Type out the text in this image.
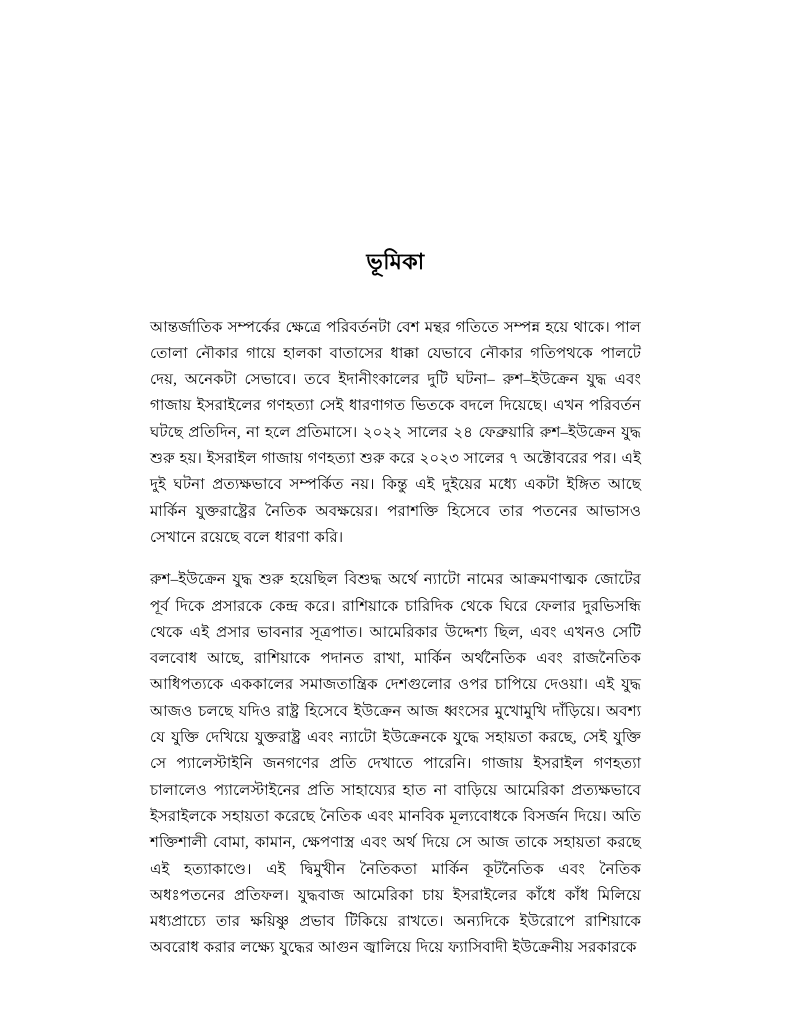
ভূমিকা

আন্তর্জাতিক সম্পর্কের ক্ষেত্রে পরিবর্তনটা বেশ মন্থর গতিতে সম্পন্ন হয়ে থাকে। পাল তোলা নৌকার গায়ে হালকা বাতাসের ধাক্কা যেভাবে নৌকার গতিপথকে পালটে দেয়, অনেকটা সেভাবে। তবে ইদানীংকালের দুটি ঘটনা– রুশ–ইউক্রেন যুদ্ধ এবং গাজায় ইসরাইলের গণহত্যা সেই ধারণাগত ভিতকে বদলে দিয়েছে। এখন পরিবর্তন ঘটছে প্রতিদিন, না হলে প্রতিমাসে। ২০২২ সালের ২৪ ফেব্রুয়ারি রুশ–ইউক্রেন যুদ্ধ শুরু হয়। ইসরাইল গাজায় গণহত্যা শুরু করে ২০২৩ সালের ৭ অক্টোবরের পর। এই দুই ঘটনা প্রত্যক্ষভাবে সম্পর্কিত নয়। কিন্তু এই দুইয়ের মধ্যে একটা ইঙ্গিত আছে মার্কিন যুক্তরাষ্ট্রের নৈতিক অবক্ষয়ের। পরাশক্তি হিসেবে তার পতনের আভাসও সেখানে রয়েছে বলে ধারণা করি।

রুশ–ইউক্রেন যুদ্ধ শুরু হয়েছিল বিশুদ্ধ অর্থে ন্যাটো নামের আক্রমণাত্মক জোটের পূর্ব দিকে প্রসারকে কেন্দ্র করে। রাশিয়াকে চারিদিক থেকে ঘিরে ফেলার দুরভিসন্ধি থেকে এই প্রসার ভাবনার সূত্রপাত। আমেরিকার উদ্দেশ্য ছিল, এবং এখনও সেটি বলবোধ আছে, রাশিয়াকে পদানত রাখা, মার্কিন অর্থনৈতিক এবং রাজনৈতিক আধিপত্যকে এককালের সমাজতান্ত্রিক দেশগুলোর ওপর চাপিয়ে দেওয়া। এই যুদ্ধ আজও চলছে যদিও রাষ্ট্র হিসেবে ইউক্রেন আজ ধ্বংসের মুখোমুখি দাঁড়িয়ে। অবশ্য যে যুক্তি দেখিয়ে যুক্তরাষ্ট্র এবং ন্যাটো ইউক্রেনকে যুদ্ধে সহায়তা করছে, সেই যুক্তি সে প্যালেস্টাইনি জনগণের প্রতি দেখাতে পারেনি। গাজায় ইসরাইল গণহত্যা চালালেও প্যালেস্টাইনের প্রতি সাহায্যের হাত না বাড়িয়ে আমেরিকা প্রত্যক্ষভাবে ইসরাইলকে সহায়তা করেছে নৈতিক এবং মানবিক মূল্যবোধকে বিসর্জন দিয়ে। অতি শক্তিশালী বোমা, কামান, ক্ষেপণাস্ত্র এবং অর্থ দিয়ে সে আজ তাকে সহায়তা করছে এই হত্যাকাণ্ডে। এই দ্বিমুখীন নৈতিকতা মার্কিন কূটনৈতিক এবং নৈতিক অধঃপতনের প্রতিফল। যুদ্ধবাজ আমেরিকা চায় ইসরাইলের কাঁধে কাঁধ মিলিয়ে মধ্যপ্রাচ্যে তার ক্ষয়িষ্ণু প্রভাব টিকিয়ে রাখতে। অন্যদিকে ইউরোপে রাশিয়াকে অবরোধ করার লক্ষ্যে যুদ্ধের আগুন জ্বালিয়ে দিয়ে ফ্যাসিবাদী ইউক্রেনীয় সরকারকে
